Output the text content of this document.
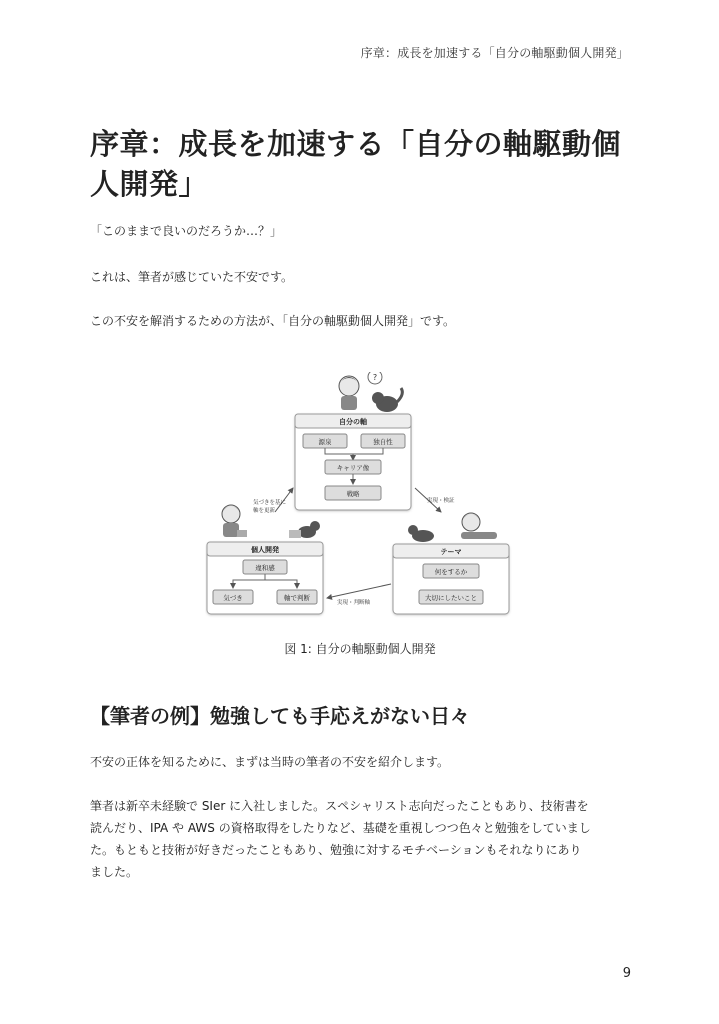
序章：成長を加速する「自分の軸駆動個人開発」
序章：成長を加速する「自分の軸駆動個人開発」

「このままで良いのだろうか…？」

これは、筆者が感じていた不安です。

この不安を解消するための方法が、「自分の軸駆動個人開発」です。

?
自分の軸
源泉	独自性
キャリア像
戦略
個人開発
違和感
気づき	軸で判断
テーマ
何をするか
大切にしたいこと
実現・検証
実現・判断軸
気づきを基に
軸を更新
図 1: 自分の軸駆動個人開発
【筆者の例】勉強しても手応えがない日々

不安の正体を知るために、まずは当時の筆者の不安を紹介します。

筆者は新卒未経験で SIer に入社しました。スペシャリスト志向だったこともあり、技術書を

読んだり、IPA や AWS の資格取得をしたりなど、基礎を重視しつつ色々と勉強をしていまし

た。もともと技術が好きだったこともあり、勉強に対するモチベーションもそれなりにあり

ました。

9
